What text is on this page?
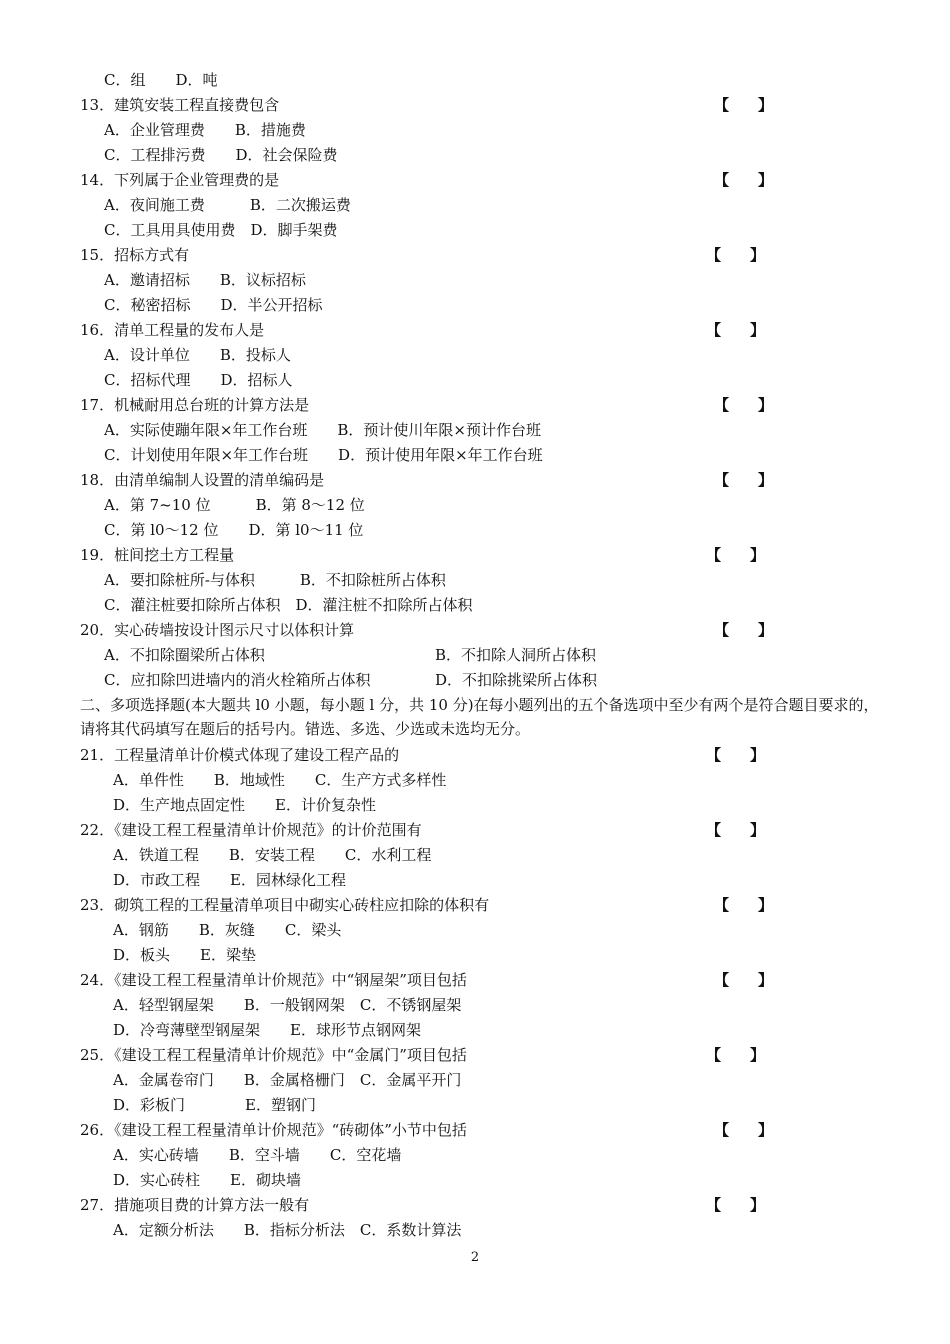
C．组　　D．吨
13．建筑安装工程直接费包含	【 】
A．企业管理费　　B．措施费
C．工程排污费　　D．社会保险费
14．下列属于企业管理费的是	【 】
A．夜间施工费　　　B．二次搬运费
C．工具用具使用费　D．脚手架费
15．招标方式有	【 】
A．邀请招标　　B．议标招标
C．秘密招标　　D．半公开招标
16．清单工程量的发布人是	【 】
A．设计单位　　B．投标人
C．招标代理　　D．招标人
17．机械耐用总台班的计算方法是	【 】
A．实际使蹦年限×年工作台班　　B．预计使川年限×预计作台班
C．计划使用年限×年工作台班　　D．预计使用年限×年工作台班
18．由清单编制人设置的清单编码是	【 】
A．第 7~10 位　　　B．第 8～12 位
C．第 l0～12 位　　D．第 l0～11 位
19．桩间挖土方工程量	【 】
A．要扣除桩所-与体积　　　B．不扣除桩所占体积
C．灌注桩要扣除所占体积　D．灌注桩不扣除所占体积
20．实心砖墙按设计图示尺寸以体积计算	【 】
A．不扣除圈梁所占体积	B．不扣除人洞所占体积
C．应扣除凹进墙内的消火栓箱所占体积	D．不扣除挑梁所占体积
二、多项选择题(本大题共 l0 小题，每小题 l 分，共 10 分)在每小题列出的五个备选项中至少有两个是符合题目要求的，请将其代码填写在题后的括号内。错选、多选、少选或未选均无分。
21．工程量清单计价模式体现了建设工程产品的	【 】
A．单件性　　B．地域性　　C．生产方式多样性
D．生产地点固定性　　E．计价复杂性
22．《建设工程工程量清单计价规范》的计价范围有	【 】
A．铁道工程　　B．安装工程　　C．水利工程
D．市政工程　　E．园林绿化工程
23．砌筑工程的工程量清单项目中砌实心砖柱应扣除的体积有	【 】
A．钢筋　　B．灰缝　　C．梁头
D．板头　　E．梁垫
24．《建设工程工程量清单计价规范》中“钢屋架”项目包括	【 】
A．轻型钢屋架　　B．一般钢网架　C．不锈钢屋架
D．冷弯薄壁型钢屋架　　E．球形节点钢网架
25．《建设工程工程量清单计价规范》中“金属门”项目包括	【 】
A．金属卷帘门　　B．金属格栅门　C．金属平开门
D．彩板门　　　　E．塑钢门
26．《建设工程工程量清单计价规范》“砖砌体”小节中包括	【 】
A．实心砖墙　　B．空斗墙　　C．空花墙
D．实心砖柱　　E．砌块墙
27．措施项目费的计算方法一般有	【 】
A．定额分析法　　B．指标分析法　C．系数计算法
2
